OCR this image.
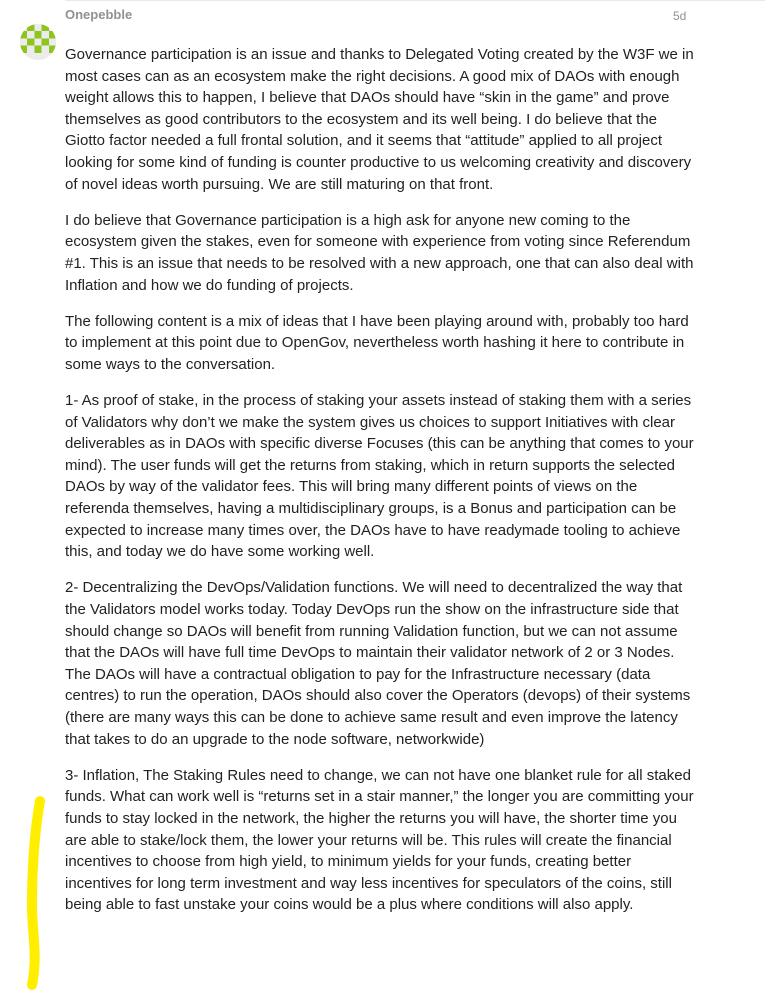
Onepebble	5d

Governance participation is an issue and thanks to Delegated Voting created by the W3F we in most cases can as an ecosystem make the right decisions. A good mix of DAOs with enough weight allows this to happen, I believe that DAOs should have “skin in the game” and prove themselves as good contributors to the ecosystem and its well being. I do believe that the Giotto factor needed a full frontal solution, and it seems that “attitude” applied to all project looking for some kind of funding is counter productive to us welcoming creativity and discovery of novel ideas worth pursuing. We are still maturing on that front.

I do believe that Governance participation is a high ask for anyone new coming to the ecosystem given the stakes, even for someone with experience from voting since Referendum #1. This is an issue that needs to be resolved with a new approach, one that can also deal with Inflation and how we do funding of projects.

The following content is a mix of ideas that I have been playing around with, probably too hard to implement at this point due to OpenGov, nevertheless worth hashing it here to contribute in some ways to the conversation.

1- As proof of stake, in the process of staking your assets instead of staking them with a series of Validators why don’t we make the system gives us choices to support Initiatives with clear deliverables as in DAOs with specific diverse Focuses (this can be anything that comes to your mind). The user funds will get the returns from staking, which in return supports the selected DAOs by way of the validator fees. This will bring many different points of views on the referenda themselves, having a multidisciplinary groups, is a Bonus and participation can be expected to increase many times over, the DAOs have to have readymade tooling to achieve this, and today we do have some working well.

2- Decentralizing the DevOps/Validation functions. We will need to decentralized the way that the Validators model works today. Today DevOps run the show on the infrastructure side that should change so DAOs will benefit from running Validation function, but we can not assume that the DAOs will have full time DevOps to maintain their validator network of 2 or 3 Nodes. The DAOs will have a contractual obligation to pay for the Infrastructure necessary (data centres) to run the operation, DAOs should also cover the Operators (devops) of their systems (there are many ways this can be done to achieve same result and even improve the latency that takes to do an upgrade to the node software, networkwide)

3- Inflation, The Staking Rules need to change, we can not have one blanket rule for all staked funds. What can work well is “returns set in a stair manner,” the longer you are committing your funds to stay locked in the network, the higher the returns you will have, the shorter time you are able to stake/lock them, the lower your returns will be. This rules will create the financial incentives to choose from high yield, to minimum yields for your funds, creating better incentives for long term investment and way less incentives for speculators of the coins, still being able to fast unstake your coins would be a plus where conditions will also apply.
